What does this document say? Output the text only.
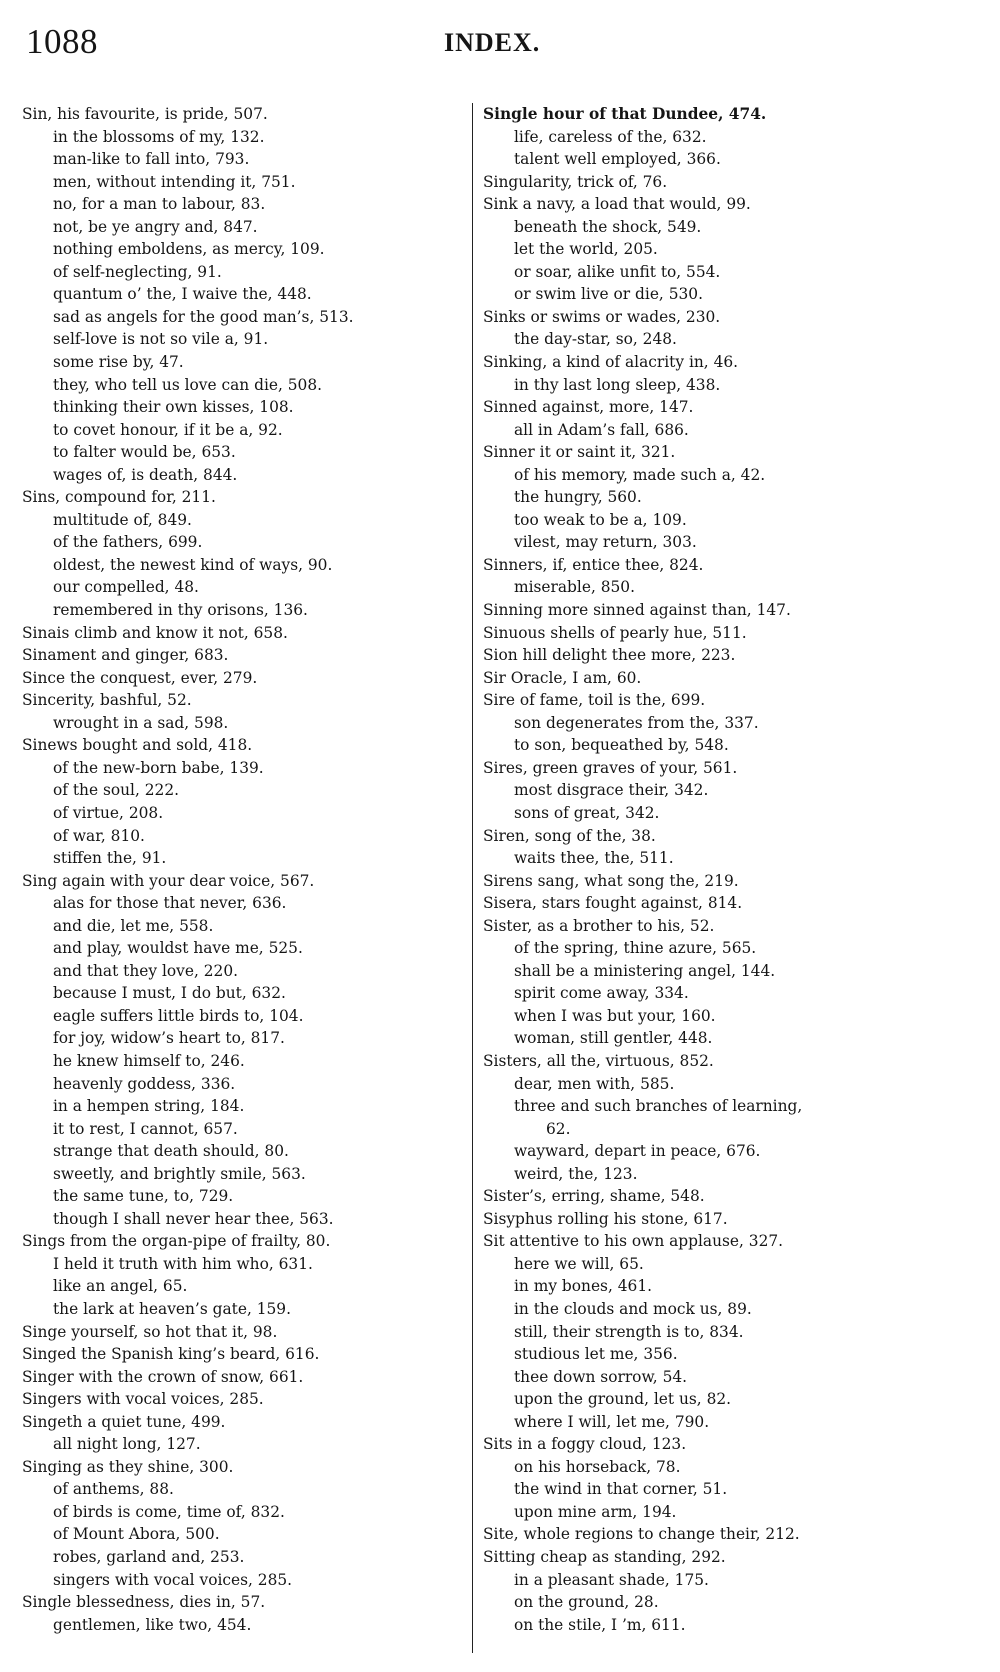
1088	INDEX.
Sin, his favourite, is pride, 507.
in the blossoms of my, 132.
man-like to fall into, 793.
men, without intending it, 751.
no, for a man to labour, 83.
not, be ye angry and, 847.
nothing emboldens, as mercy, 109.
of self-neglecting, 91.
quantum o’ the, I waive the, 448.
sad as angels for the good man’s, 513.
self-love is not so vile a, 91.
some rise by, 47.
they, who tell us love can die, 508.
thinking their own kisses, 108.
to covet honour, if it be a, 92.
to falter would be, 653.
wages of, is death, 844.
Sins, compound for, 211.
multitude of, 849.
of the fathers, 699.
oldest, the newest kind of ways, 90.
our compelled, 48.
remembered in thy orisons, 136.
Sinais climb and know it not, 658.
Sinament and ginger, 683.
Since the conquest, ever, 279.
Sincerity, bashful, 52.
wrought in a sad, 598.
Sinews bought and sold, 418.
of the new-born babe, 139.
of the soul, 222.
of virtue, 208.
of war, 810.
stiffen the, 91.
Sing again with your dear voice, 567.
alas for those that never, 636.
and die, let me, 558.
and play, wouldst have me, 525.
and that they love, 220.
because I must, I do but, 632.
eagle suffers little birds to, 104.
for joy, widow’s heart to, 817.
he knew himself to, 246.
heavenly goddess, 336.
in a hempen string, 184.
it to rest, I cannot, 657.
strange that death should, 80.
sweetly, and brightly smile, 563.
the same tune, to, 729.
though I shall never hear thee, 563.
Sings from the organ-pipe of frailty, 80.
I held it truth with him who, 631.
like an angel, 65.
the lark at heaven’s gate, 159.
Singe yourself, so hot that it, 98.
Singed the Spanish king’s beard, 616.
Singer with the crown of snow, 661.
Singers with vocal voices, 285.
Singeth a quiet tune, 499.
all night long, 127.
Singing as they shine, 300.
of anthems, 88.
of birds is come, time of, 832.
of Mount Abora, 500.
robes, garland and, 253.
singers with vocal voices, 285.
Single blessedness, dies in, 57.
gentlemen, like two, 454.
Single hour of that Dundee, 474.
life, careless of the, 632.
talent well employed, 366.
Singularity, trick of, 76.
Sink a navy, a load that would, 99.
beneath the shock, 549.
let the world, 205.
or soar, alike unfit to, 554.
or swim live or die, 530.
Sinks or swims or wades, 230.
the day-star, so, 248.
Sinking, a kind of alacrity in, 46.
in thy last long sleep, 438.
Sinned against, more, 147.
all in Adam’s fall, 686.
Sinner it or saint it, 321.
of his memory, made such a, 42.
the hungry, 560.
too weak to be a, 109.
vilest, may return, 303.
Sinners, if, entice thee, 824.
miserable, 850.
Sinning more sinned against than, 147.
Sinuous shells of pearly hue, 511.
Sion hill delight thee more, 223.
Sir Oracle, I am, 60.
Sire of fame, toil is the, 699.
son degenerates from the, 337.
to son, bequeathed by, 548.
Sires, green graves of your, 561.
most disgrace their, 342.
sons of great, 342.
Siren, song of the, 38.
waits thee, the, 511.
Sirens sang, what song the, 219.
Sisera, stars fought against, 814.
Sister, as a brother to his, 52.
of the spring, thine azure, 565.
shall be a ministering angel, 144.
spirit come away, 334.
when I was but your, 160.
woman, still gentler, 448.
Sisters, all the, virtuous, 852.
dear, men with, 585.
three and such branches of learning,
62.
wayward, depart in peace, 676.
weird, the, 123.
Sister’s, erring, shame, 548.
Sisyphus rolling his stone, 617.
Sit attentive to his own applause, 327.
here we will, 65.
in my bones, 461.
in the clouds and mock us, 89.
still, their strength is to, 834.
studious let me, 356.
thee down sorrow, 54.
upon the ground, let us, 82.
where I will, let me, 790.
Sits in a foggy cloud, 123.
on his horseback, 78.
the wind in that corner, 51.
upon mine arm, 194.
Site, whole regions to change their, 212.
Sitting cheap as standing, 292.
in a pleasant shade, 175.
on the ground, 28.
on the stile, I ’m, 611.
